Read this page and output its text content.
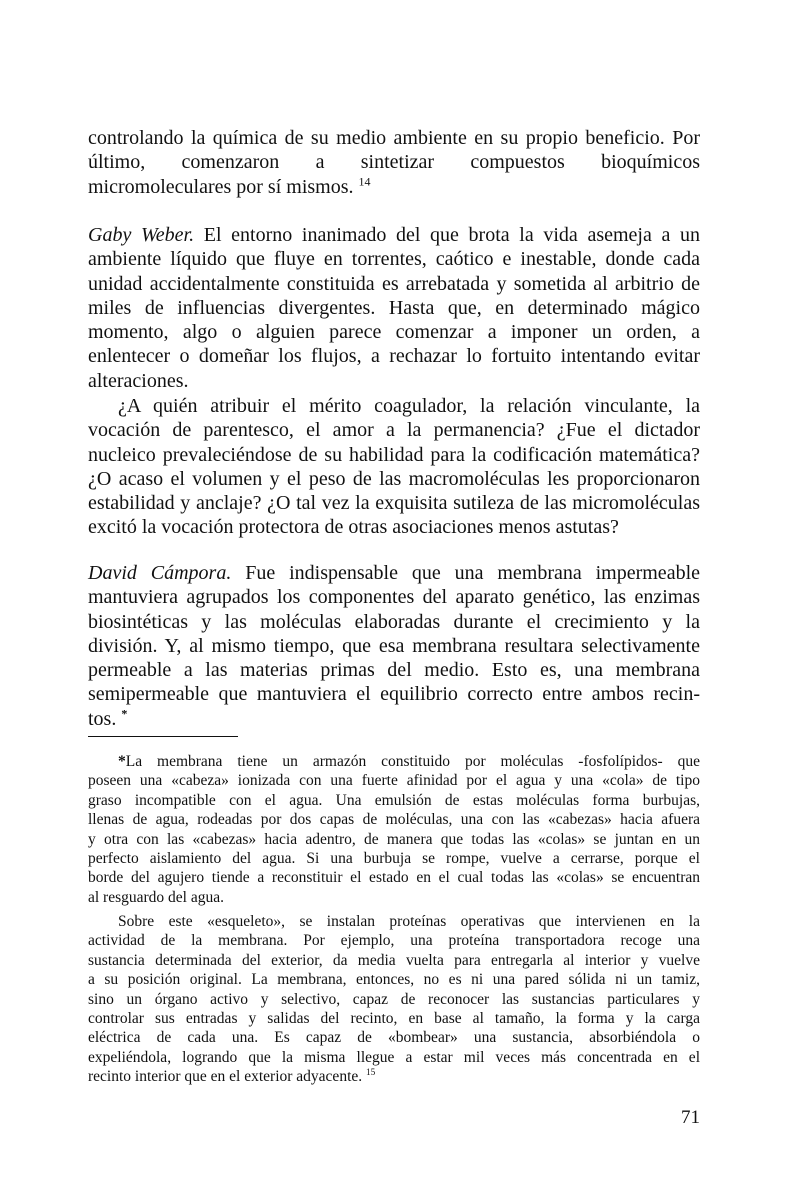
controlando la química de su medio ambiente en su propio beneficio. Por
último, comenzaron a sintetizar compuestos bioquímicos
micromoleculares por sí mismos. $^{14}$
Gaby Weber. El entorno inanimado del que brota la vida asemeja a un
ambiente líquido que fluye en torrentes, caótico e inestable, donde cada
unidad accidentalmente constituida es arrebatada y sometida al arbitrio de
miles de influencias divergentes. Hasta que, en determinado mágico
momento, algo o alguien parece comenzar a imponer un orden, a
enlentecer o domeñar los flujos, a rechazar lo fortuito intentando evitar
alteraciones.
¿A quién atribuir el mérito coagulador, la relación vinculante, la
vocación de parentesco, el amor a la permanencia? ¿Fue el dictador
nucleico prevaleciéndose de su habilidad para la codificación matemática?
¿O acaso el volumen y el peso de las macromoléculas les proporcionaron
estabilidad y anclaje? ¿O tal vez la exquisita sutileza de las micromoléculas
excitó la vocación protectora de otras asociaciones menos astutas?
David Cámpora. Fue indispensable que una membrana impermeable
mantuviera agrupados los componentes del aparato genético, las enzimas
biosintéticas y las moléculas elaboradas durante el crecimiento y la
división. Y, al mismo tiempo, que esa membrana resultara selectivamente
permeable a las materias primas del medio. Esto es, una membrana
semipermeable que mantuviera el equilibrio correcto entre ambos recin-
tos. *
*La membrana tiene un armazón constituido por moléculas -fosfolípidos- que
poseen una «cabeza» ionizada con una fuerte afinidad por el agua y una «cola» de tipo
graso incompatible con el agua. Una emulsión de estas moléculas forma burbujas,
llenas de agua, rodeadas por dos capas de moléculas, una con las «cabezas» hacia afuera
y otra con las «cabezas» hacia adentro, de manera que todas las «colas» se juntan en un
perfecto aislamiento del agua. Si una burbuja se rompe, vuelve a cerrarse, porque el
borde del agujero tiende a reconstituir el estado en el cual todas las «colas» se encuentran
al resguardo del agua.
Sobre este «esqueleto», se instalan proteínas operativas que intervienen en la
actividad de la membrana. Por ejemplo, una proteína transportadora recoge una
sustancia determinada del exterior, da media vuelta para entregarla al interior y vuelve
a su posición original. La membrana, entonces, no es ni una pared sólida ni un tamiz,
sino un órgano activo y selectivo, capaz de reconocer las sustancias particulares y
controlar sus entradas y salidas del recinto, en base al tamaño, la forma y la carga
eléctrica de cada una. Es capaz de «bombear» una sustancia, absorbiéndola o
expeliéndola, logrando que la misma llegue a estar mil veces más concentrada en el
recinto interior que en el exterior adyacente. $^{15}$
71
